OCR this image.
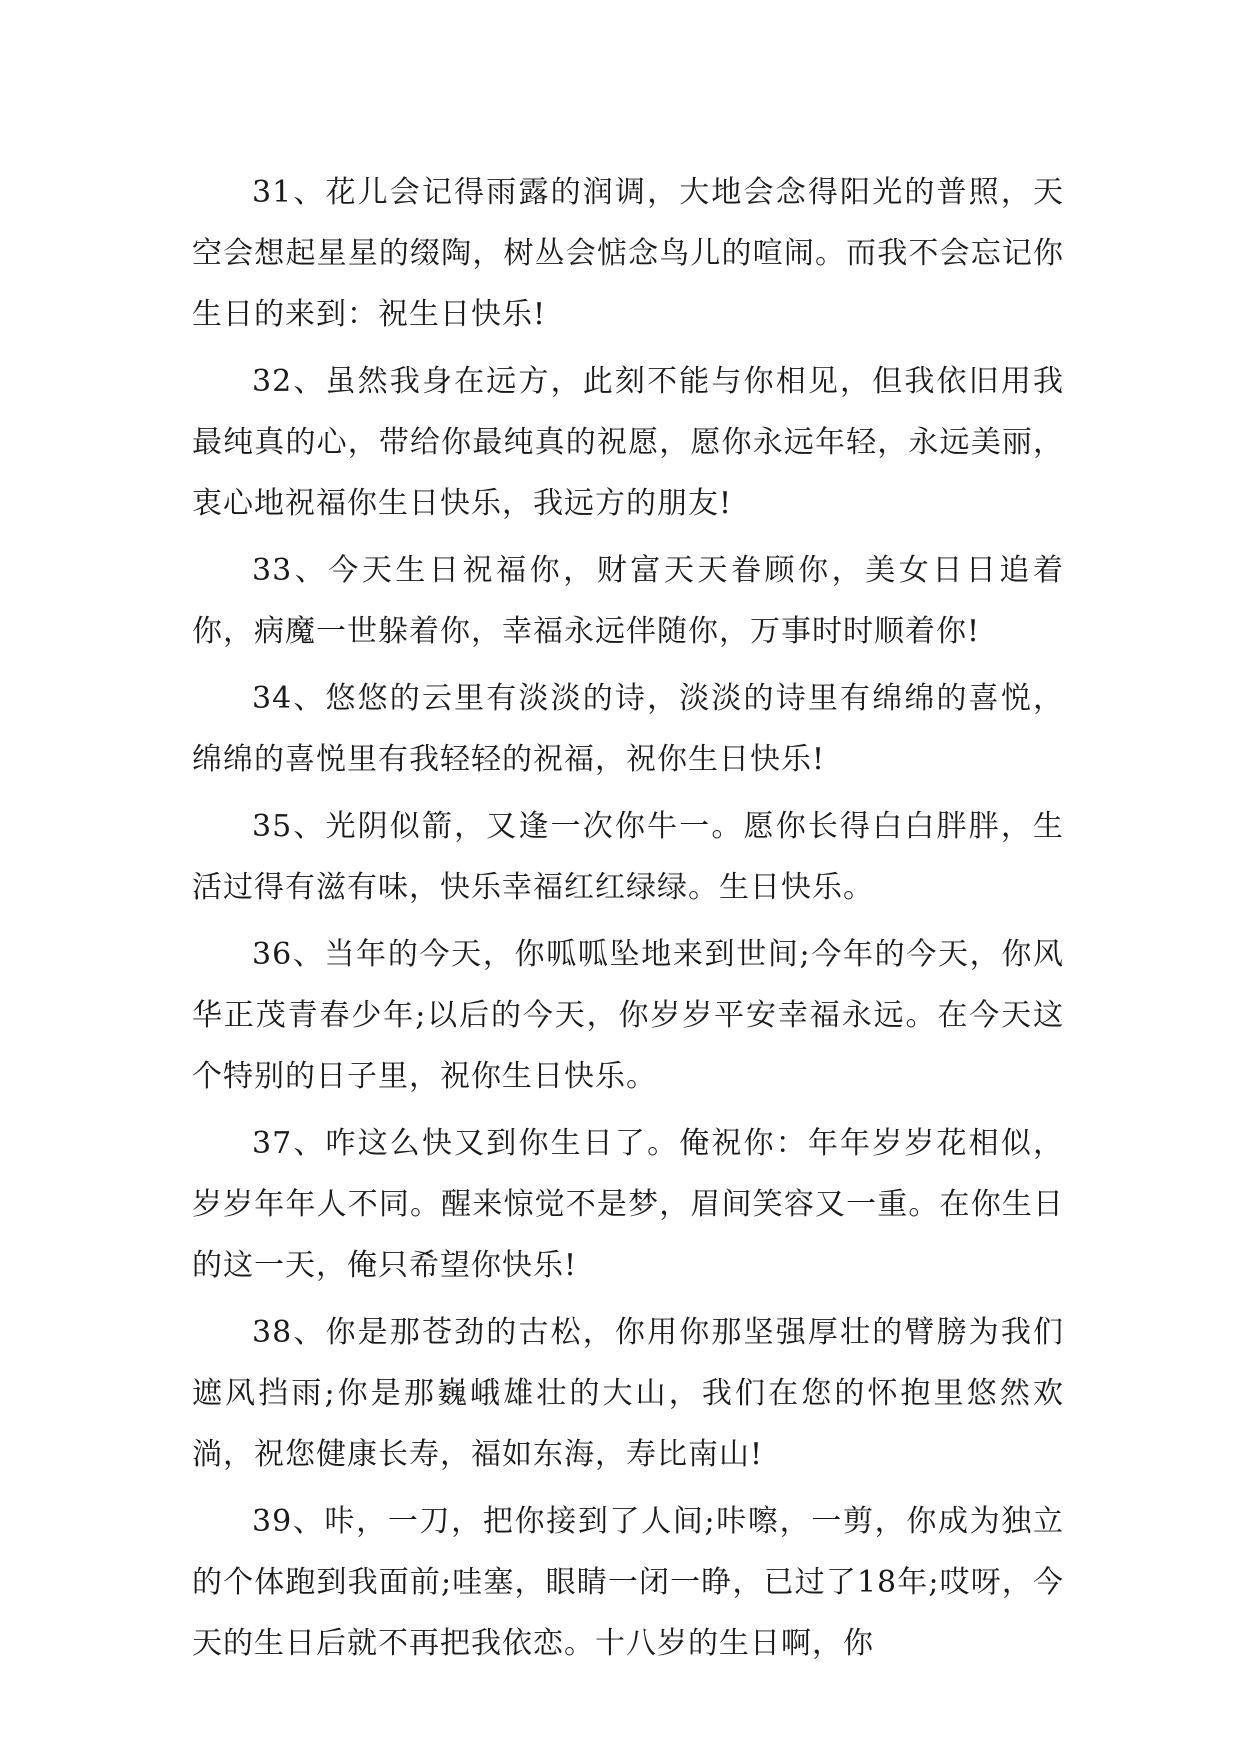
31、花儿会记得雨露的润调，大地会念得阳光的普照，天空会想起星星的缀陶，树丛会惦念鸟儿的喧闹。而我不会忘记你生日的来到：祝生日快乐!

32、虽然我身在远方，此刻不能与你相见，但我依旧用我最纯真的心，带给你最纯真的祝愿，愿你永远年轻，永远美丽，衷心地祝福你生日快乐，我远方的朋友!

33、今天生日祝福你，财富天天眷顾你，美女日日追着你，病魔一世躲着你，幸福永远伴随你，万事时时顺着你!

34、悠悠的云里有淡淡的诗，淡淡的诗里有绵绵的喜悦，绵绵的喜悦里有我轻轻的祝福，祝你生日快乐!

35、光阴似箭，又逢一次你牛一。愿你长得白白胖胖，生活过得有滋有味，快乐幸福红红绿绿。生日快乐。

36、当年的今天，你呱呱坠地来到世间;今年的今天，你风华正茂青春少年;以后的今天，你岁岁平安幸福永远。在今天这个特别的日子里，祝你生日快乐。

37、咋这么快又到你生日了。俺祝你：年年岁岁花相似，岁岁年年人不同。醒来惊觉不是梦，眉间笑容又一重。在你生日的这一天，俺只希望你快乐!

38、你是那苍劲的古松，你用你那坚强厚壮的臂膀为我们遮风挡雨;你是那巍峨雄壮的大山，我们在您的怀抱里悠然欢淌，祝您健康长寿，福如东海，寿比南山!

39、咔，一刀，把你接到了人间;咔嚓，一剪，你成为独立的个体跑到我面前;哇塞，眼睛一闭一睁，已过了18年;哎呀，今天的生日后就不再把我依恋。十八岁的生日啊，你
